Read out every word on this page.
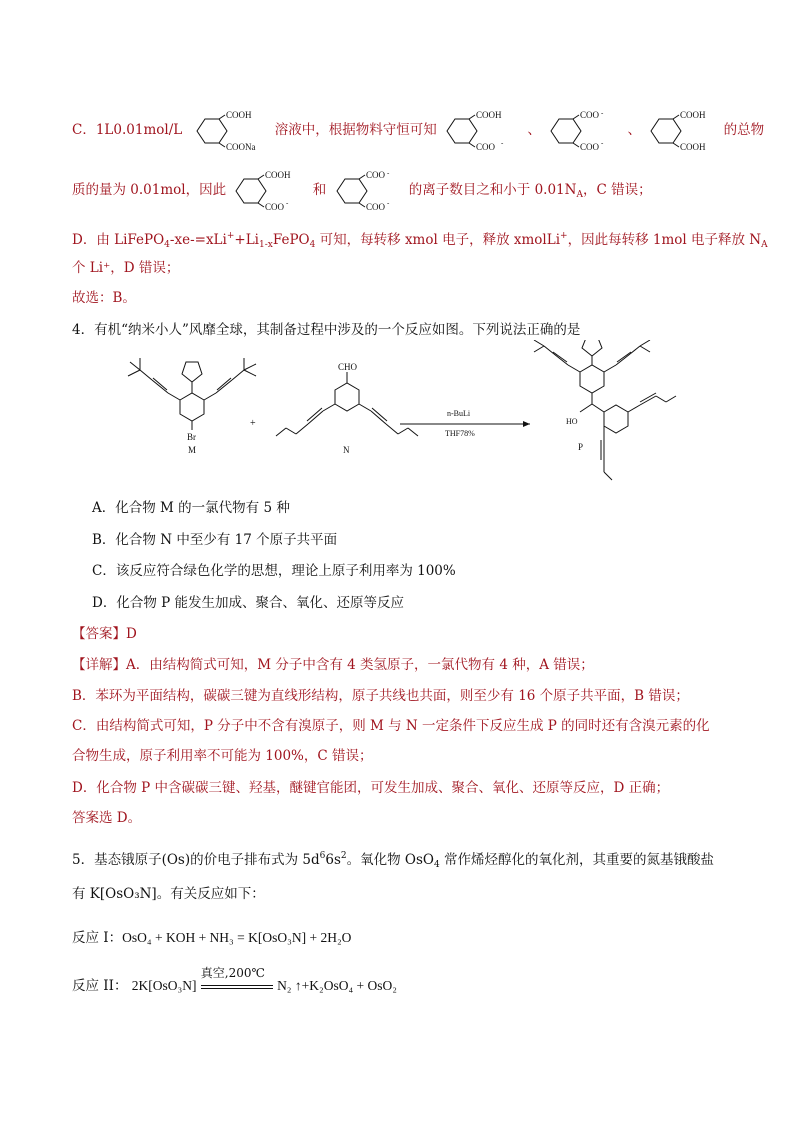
C．1L0.01mol/L
COOH
COONa
溶液中，根据物料守恒可知
COOH
COO -
、
COO
COO
-
-
、
COOH
COOH
的总物
质的量为 0.01mol，因此
COOH
COO -
和
COO
COO
-
-
的离子数目之和小于 $0.01N_A$，C 错误；
D．由 $LiFePO_4-xe-=xLi^++Li_{1-x}FePO_4$ 可知，每转移 xmol 电子，释放 xmolLi+，因此每转移 1mol 电子释放 $N_A$
个 Li⁺，D 错误；
故选：B。
4．有机“纳米小人”风靡全球，其制备过程中涉及的一个反应如图。下列说法正确的是
Br
M
+
CHO
N
n-BuLi
THF78%
HO
P
A．化合物 M 的一氯代物有 5 种
B．化合物 N 中至少有 17 个原子共平面
C．该反应符合绿色化学的思想，理论上原子利用率为 100%
D．化合物 P 能发生加成、聚合、氧化、还原等反应
【答案】D
【详解】A．由结构简式可知，M 分子中含有 4 类氢原子，一氯代物有 4 种，A 错误；
B．苯环为平面结构，碳碳三键为直线形结构，原子共线也共面，则至少有 16 个原子共平面，B 错误；
C．由结构简式可知，P 分子中不含有溴原子，则 M 与 N 一定条件下反应生成 P 的同时还有含溴元素的化
合物生成，原子利用率不可能为 100%，C 错误；
D．化合物 P 中含碳碳三键、羟基，醚键官能团，可发生加成、聚合、氧化、还原等反应，D 正确；
答案选 D。
5．基态锇原子(Os)的价电子排布式为 $5d^66s^2$。氧化物 OsO$_4$ 常作烯烃醇化的氧化剂，其重要的氮基锇酸盐
有 K[OsO₃N]。有关反应如下：
反应 I：OsO₄ + KOH + NH₃ = K[OsO₃N] + 2H₂O
反应 II： 2K[OsO₃N]
真空,200℃
N₂ ↑+K₂OsO₄ + OsO₂
